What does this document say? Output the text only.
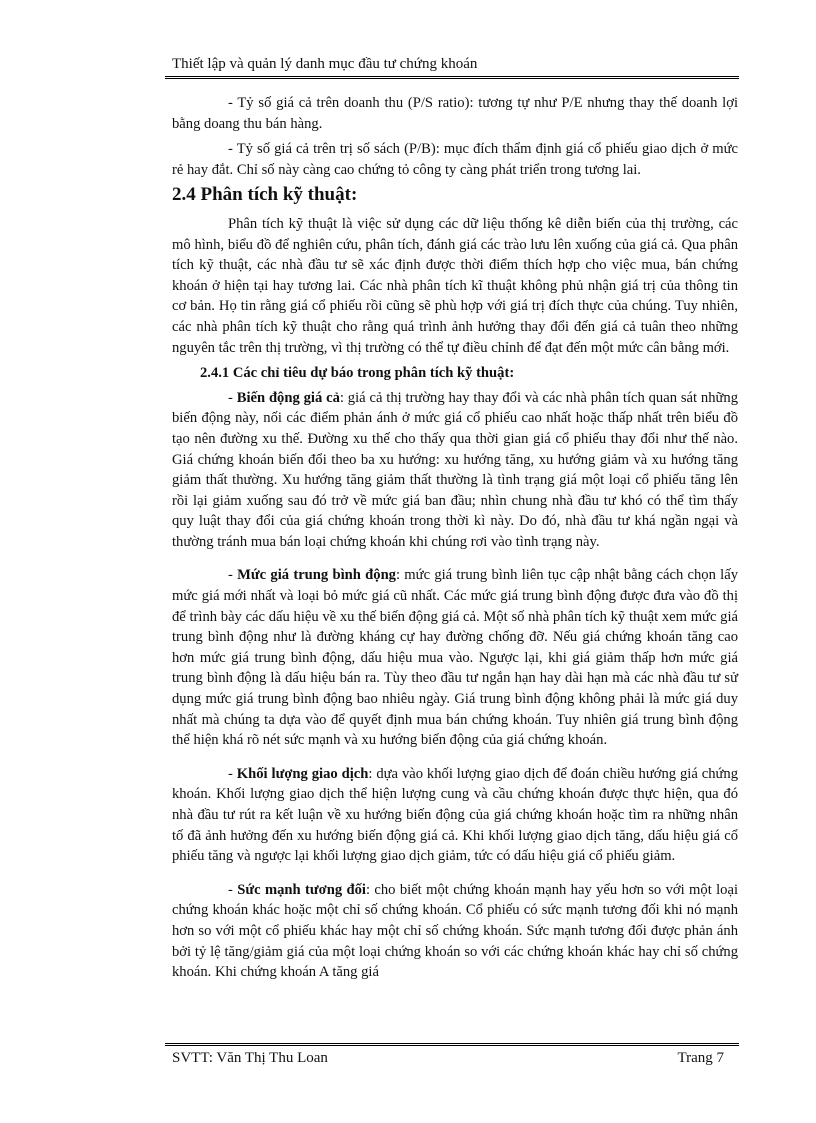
Thiết lập và quản lý danh mục đầu tư chứng khoán

- Tỷ số giá cả trên doanh thu (P/S ratio): tương tự như P/E nhưng thay thế doanh lợi bằng doang thu bán hàng.

- Tỷ số giá cả trên trị số sách (P/B): mục đích thẩm định giá cổ phiếu giao dịch ở mức rẻ hay đắt. Chỉ số này càng cao chứng tỏ công ty càng phát triển trong tương lai.

2.4 Phân tích kỹ thuật:

Phân tích kỹ thuật là việc sử dụng các dữ liệu thống kê diễn biến của thị trường, các mô hình, biểu đồ để nghiên cứu, phân tích, đánh giá các trào lưu lên xuống của giá cả. Qua phân tích kỹ thuật, các nhà đầu tư sẽ xác định được thời điểm thích hợp cho việc mua, bán chứng khoán ở hiện tại hay tương lai. Các nhà phân tích kĩ thuật không phủ nhận giá trị của thông tin cơ bản. Họ tin rằng giá cổ phiếu rồi cũng sẽ phù hợp với giá trị đích thực của chúng. Tuy nhiên, các nhà phân tích kỹ thuật cho rằng quá trình ảnh hưởng thay đổi đến giá cả tuân theo những nguyên tắc trên thị trường, vì thị trường có thể tự điều chỉnh để đạt đến một mức cân bằng mới.

2.4.1 Các chỉ tiêu dự báo trong phân tích kỹ thuật:

- Biến động giá cả: giá cả thị trường hay thay đổi và các nhà phân tích quan sát những biến động này, nối các điểm phản ánh ở mức giá cổ phiếu cao nhất hoặc thấp nhất trên biểu đồ tạo nên đường xu thế. Đường xu thế cho thấy qua thời gian giá cổ phiếu thay đổi như thế nào. Giá chứng khoán biến đổi theo ba xu hướng: xu hướng tăng, xu hướng giảm và xu hướng tăng giảm thất thường. Xu hướng tăng giảm thất thường là tình trạng giá một loại cổ phiếu tăng lên rồi lại giảm xuống sau đó trở về mức giá ban đầu; nhìn chung nhà đầu tư khó có thể tìm thấy quy luật thay đổi của giá chứng khoán trong thời kì này. Do đó, nhà đầu tư khá ngần ngại và thường tránh mua bán loại chứng khoán khi chúng rơi vào tình trạng này.

- Mức giá trung bình động: mức giá trung bình liên tục cập nhật bằng cách chọn lấy mức giá mới nhất và loại bỏ mức giá cũ nhất. Các mức giá trung bình động được đưa vào đồ thị để trình bày các dấu hiệu về xu thế biến động giá cả. Một số nhà phân tích kỹ thuật xem mức giá trung bình động như là đường kháng cự hay đường chống đỡ. Nếu giá chứng khoán tăng cao hơn mức giá trung bình động, dấu hiệu mua vào. Ngược lại, khi giá giảm thấp hơn mức giá trung bình động là dấu hiệu bán ra. Tùy theo đầu tư ngắn hạn hay dài hạn mà các nhà đầu tư sử dụng mức giá trung bình động bao nhiêu ngày. Giá trung bình động không phải là mức giá duy nhất mà chúng ta dựa vào để quyết định mua bán chứng khoán. Tuy nhiên giá trung bình động thể hiện khá rõ nét sức mạnh và xu hướng biến động của giá chứng khoán.

- Khối lượng giao dịch: dựa vào khối lượng giao dịch để đoán chiều hướng giá chứng khoán. Khối lượng giao dịch thể hiện lượng cung và cầu chứng khoán được thực hiện, qua đó nhà đầu tư rút ra kết luận về xu hướng biến động của giá chứng khoán hoặc tìm ra những nhân tố đã ảnh hưởng đến xu hướng biến động giá cả. Khi khối lượng giao dịch tăng, dấu hiệu giá cổ phiếu tăng và ngược lại khối lượng giao dịch giảm, tức có dấu hiệu giá cổ phiếu giảm.

- Sức mạnh tương đối: cho biết một chứng khoán mạnh hay yếu hơn so với một loại chứng khoán khác hoặc một chỉ số chứng khoán. Cổ phiếu có sức mạnh tương đối khi nó mạnh hơn so với một cổ phiếu khác hay một chỉ số chứng khoán. Sức mạnh tương đối được phản ánh bởi tỷ lệ tăng/giảm giá của một loại chứng khoán so với các chứng khoán khác hay chỉ số chứng khoán. Khi chứng khoán A tăng giá

SVTT: Văn Thị Thu Loan	Trang 7
